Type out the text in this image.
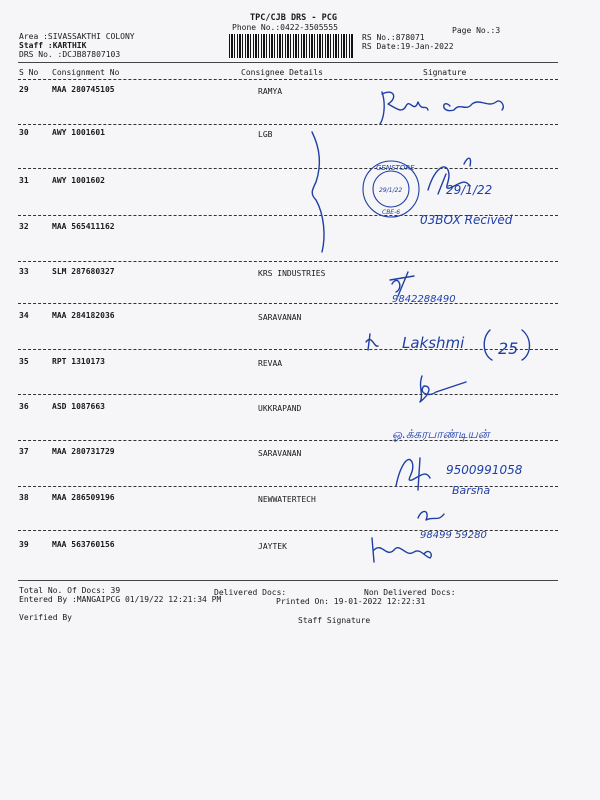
TPC/CJB DRS - PCG
Phone No.:0422-3505555	Page No.:3
Area :SIVASSAKTHI COLONY
Staff :KARTHIK
DRS No. :DCJB87807103
RS No.:878071
RS Date:19-Jan-2022
S No Consignment No	Consignee Details	Signature
29	MAA 280745105	RAMYA
30	AWY 1001601	LGB
31	AWY 1001602
32	MAA 565411162
33	SLM 287680327	KRS INDUSTRIES
34	MAA 284182036	SARAVANAN
35	RPT 1310173	REVAA
36	ASD 1087663	UKKRAPAND
37	MAA 280731729	SARAVANAN
38	MAA 286509196	NEWWATERTECH
39	MAA 563760156	JAYTEK
Total No. Of Docs: 39	Delivered Docs:	Non Delivered Docs:
Entered By :MANGAIPCG 01/19/22 12:21:34 PM	Printed On: 19-01-2022 12:22:31
Verified By	Staff Signature
GENSTORE
29/1/22
CBE-6
29/1/22
03BOX Recived
9842288490
Lakshmi 25
ஓ.க்கரபாண்டியன்
9500991058
Barsha
98499 59280
